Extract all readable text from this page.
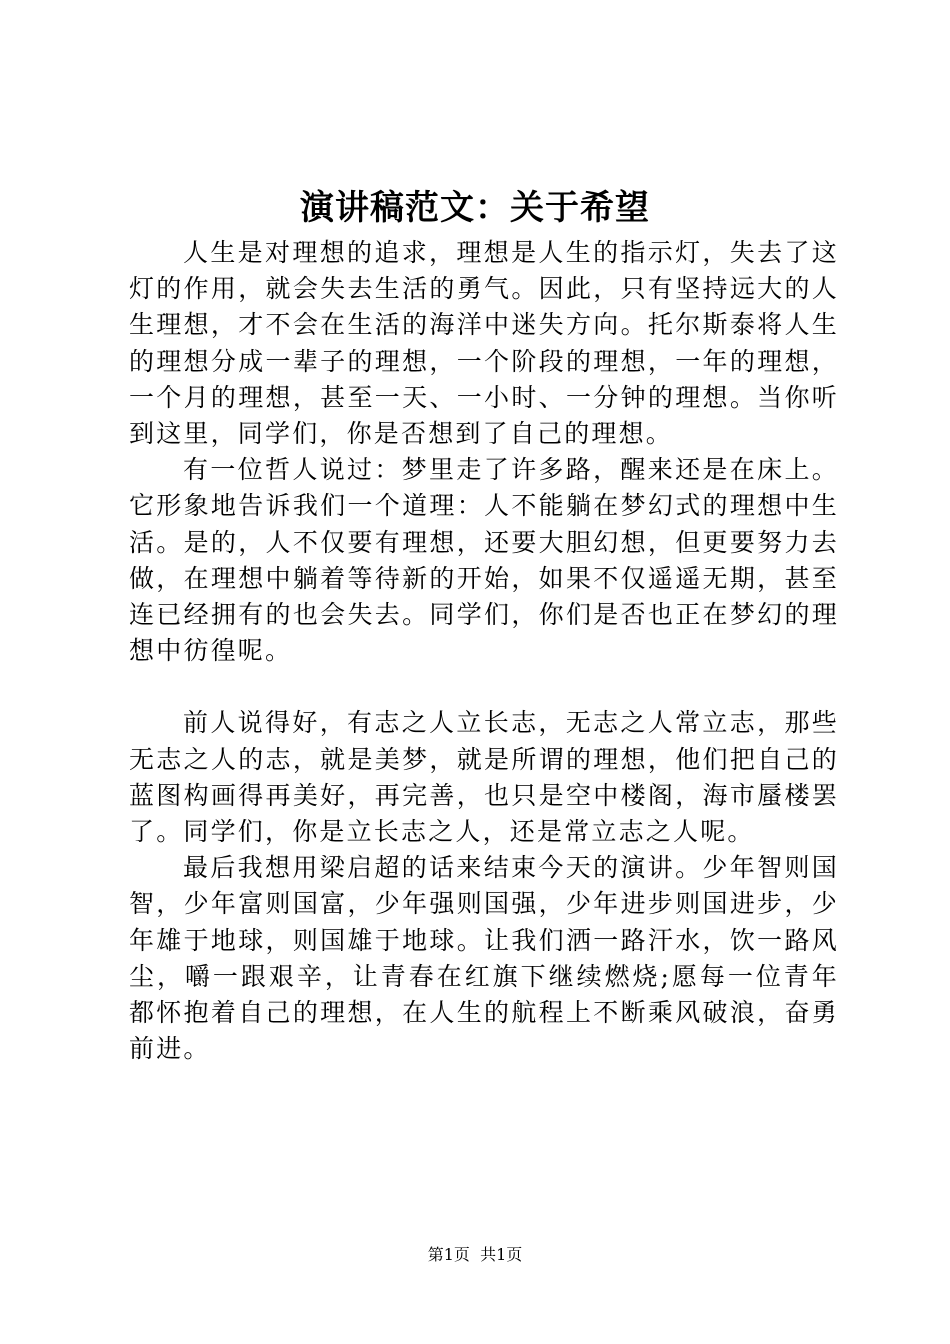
演讲稿范文：关于希望

人生是对理想的追求，理想是人生的指示灯，失去了这灯的作用，就会失去生活的勇气。因此，只有坚持远大的人生理想，才不会在生活的海洋中迷失方向。托尔斯泰将人生的理想分成一辈子的理想，一个阶段的理想，一年的理想，一个月的理想，甚至一天、一小时、一分钟的理想。当你听到这里，同学们，你是否想到了自己的理想。

有一位哲人说过：梦里走了许多路，醒来还是在床上。它形象地告诉我们一个道理：人不能躺在梦幻式的理想中生活。是的，人不仅要有理想，还要大胆幻想，但更要努力去做，在理想中躺着等待新的开始，如果不仅遥遥无期，甚至连已经拥有的也会失去。同学们，你们是否也正在梦幻的理想中彷徨呢。

前人说得好，有志之人立长志，无志之人常立志，那些无志之人的志，就是美梦，就是所谓的理想，他们把自己的蓝图构画得再美好，再完善，也只是空中楼阁，海市蜃楼罢了。同学们，你是立长志之人，还是常立志之人呢。

最后我想用梁启超的话来结束今天的演讲。少年智则国智，少年富则国富，少年强则国强，少年进步则国进步，少年雄于地球，则国雄于地球。让我们洒一路汗水，饮一路风尘，嚼一跟艰辛，让青春在红旗下继续燃烧;愿每一位青年都怀抱着自己的理想，在人生的航程上不断乘风破浪，奋勇前进。

第1页 共1页
